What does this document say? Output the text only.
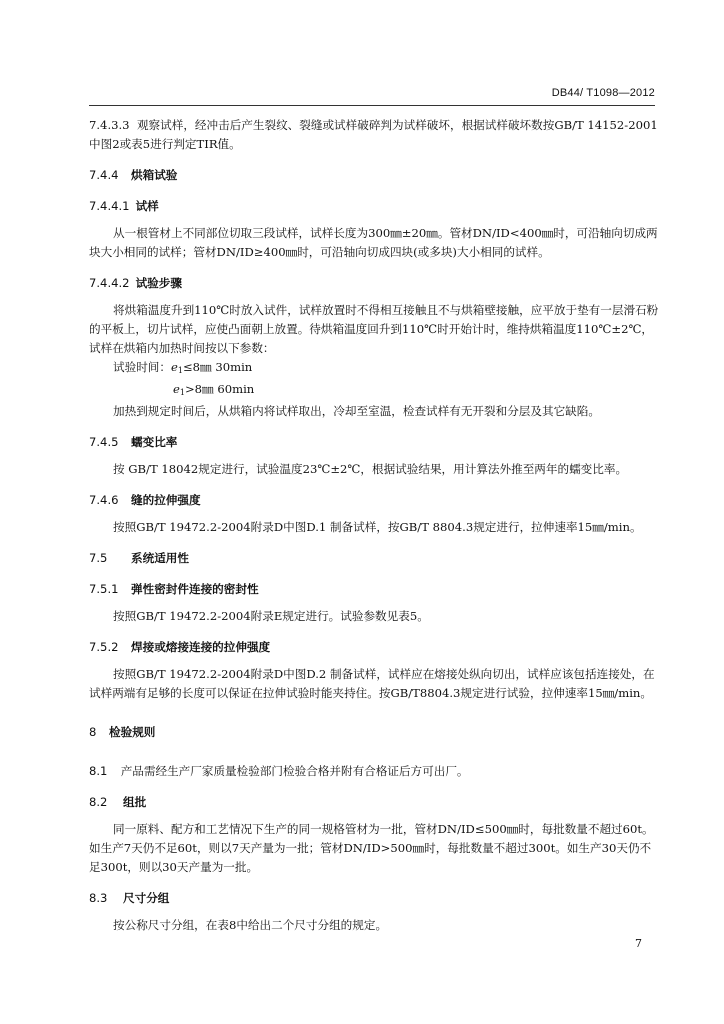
DB44/ T1098—2012

7.4.3.3 观察试样，经冲击后产生裂纹、裂缝或试样破碎判为试样破坏，根据试样破坏数按GB/T 14152-2001中图2或表5进行判定TIR值。

7.4.4 烘箱试验

7.4.4.1 试样

从一根管材上不同部位切取三段试样，试样长度为300㎜±20㎜。管材DN/ID<400㎜时，可沿轴向切成两块大小相同的试样；管材DN/ID≥400㎜时，可沿轴向切成四块(或多块)大小相同的试样。

7.4.4.2 试验步骤

将烘箱温度升到110℃时放入试件，试样放置时不得相互接触且不与烘箱壁接触，应平放于垫有一层滑石粉的平板上，切片试样，应使凸面朝上放置。待烘箱温度回升到110℃时开始计时，维持烘箱温度110℃±2℃，试样在烘箱内加热时间按以下参数：

试验时间：$e_1\le 8㎜$ 30min

$e_1>8㎜$ 60min

加热到规定时间后，从烘箱内将试样取出，冷却至室温，检查试样有无开裂和分层及其它缺陷。

7.4.5 蠕变比率

按 GB/T 18042规定进行，试验温度23℃±2℃，根据试验结果，用计算法外推至两年的蠕变比率。

7.4.6 缝的拉伸强度

按照GB/T 19472.2-2004附录D中图D.1 制备试样，按GB/T 8804.3规定进行，拉伸速率15㎜/min。

7.5 系统适用性

7.5.1 弹性密封件连接的密封性

按照GB/T 19472.2-2004附录E规定进行。试验参数见表5。

7.5.2 焊接或熔接连接的拉伸强度

按照GB/T 19472.2-2004附录D中图D.2 制备试样，试样应在熔接处纵向切出，试样应该包括连接处，在试样两端有足够的长度可以保证在拉伸试验时能夹持住。按GB/T8804.3规定进行试验，拉伸速率15㎜/min。

8 检验规则

8.1 产品需经生产厂家质量检验部门检验合格并附有合格证后方可出厂。

8.2 组批

同一原料、配方和工艺情况下生产的同一规格管材为一批，管材DN/ID≤500㎜时，每批数量不超过60t。如生产7天仍不足60t，则以7天产量为一批；管材DN/ID>500㎜时，每批数量不超过300t。如生产30天仍不足300t，则以30天产量为一批。

8.3 尺寸分组

按公称尺寸分组，在表8中给出二个尺寸分组的规定。

7
